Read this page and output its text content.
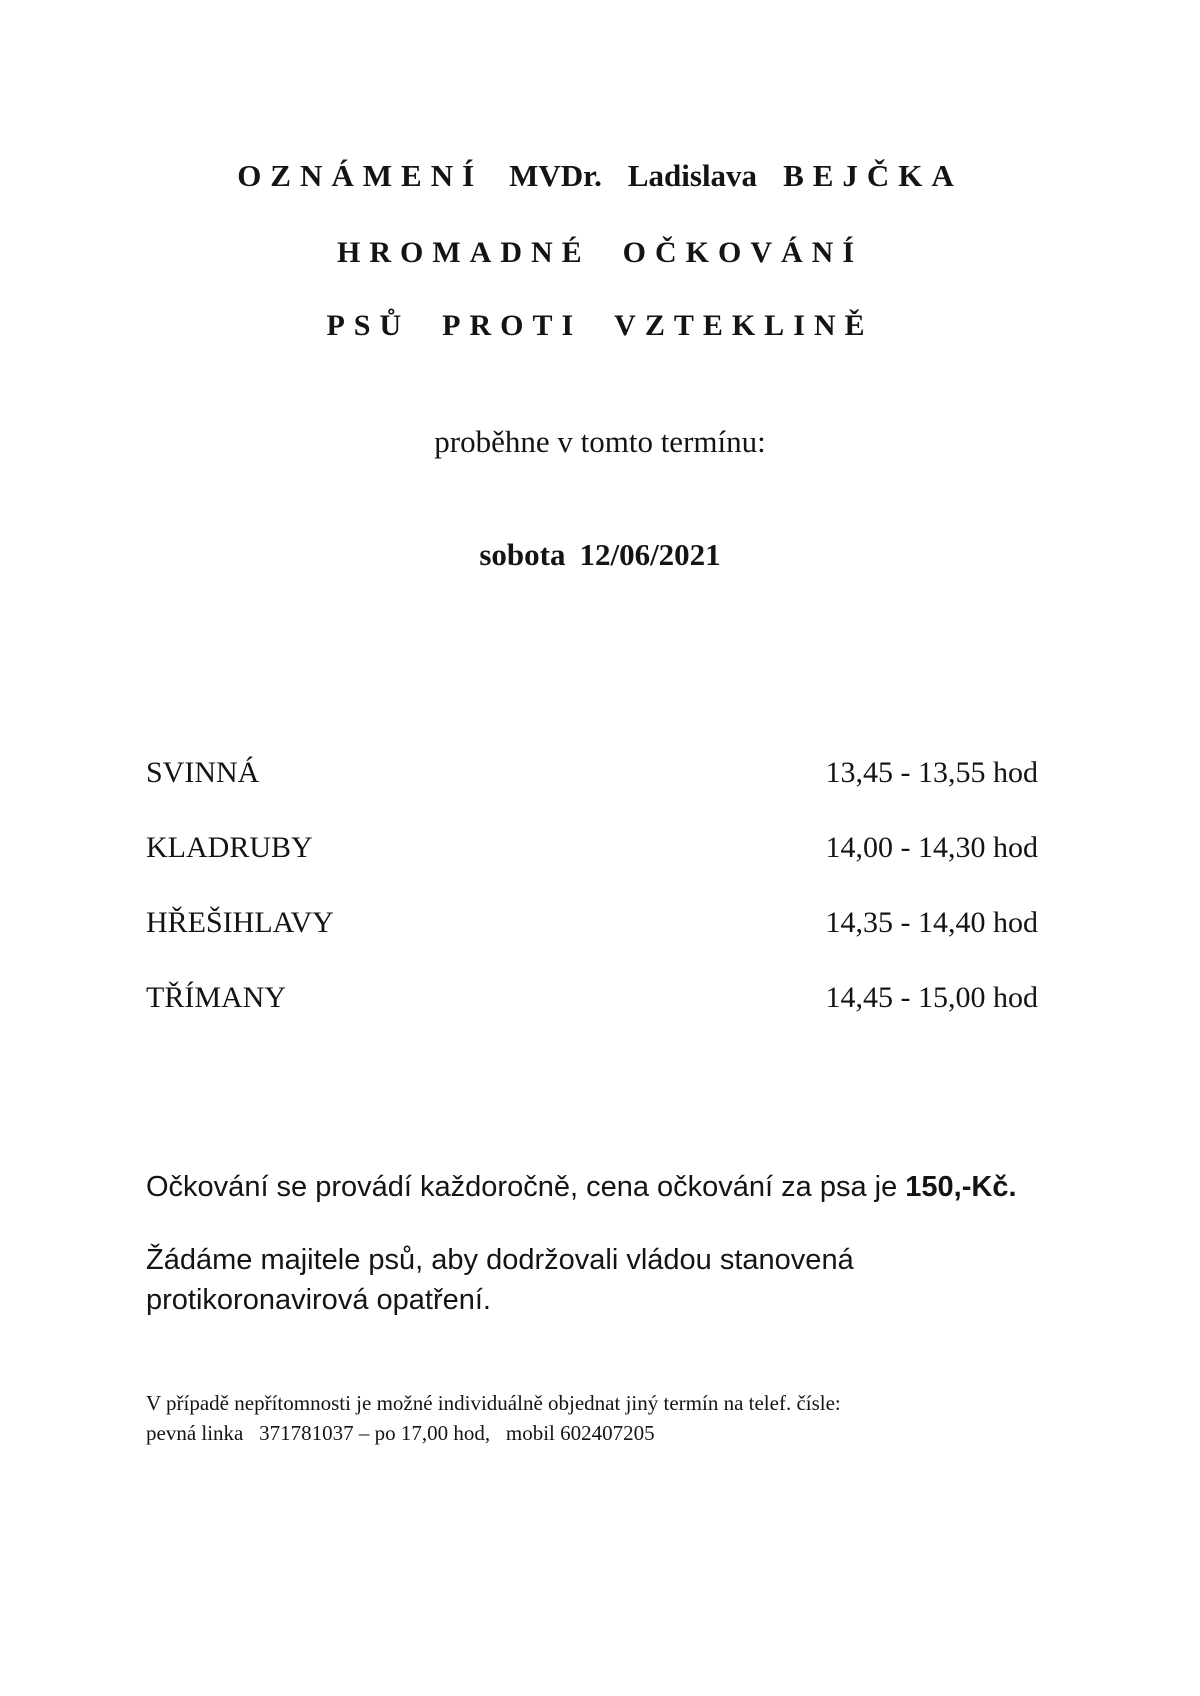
OZNÁMENÍ MVDr. Ladislava BEJČKA
HROMADNÉ OČKOVÁNÍ
PSŮ PROTI VZTEKLINĚ

proběhne v tomto termínu:

sobota 12/06/2021

SVINNÁ	13,45 - 13,55 hod
KLADRUBY	14,00 - 14,30 hod
HŘEŠIHLAVY	14,35 - 14,40 hod
TŘÍMANY	14,45 - 15,00 hod

Očkování se provádí každoročně, cena očkování za psa je 150,-Kč.

Žádáme majitele psů, aby dodržovali vládou stanovená
protikoronavirová opatření.

V případě nepřítomnosti je možné individuálně objednat jiný termín na telef. čísle:
pevná linka   371781037 – po 17,00 hod,   mobil 602407205
